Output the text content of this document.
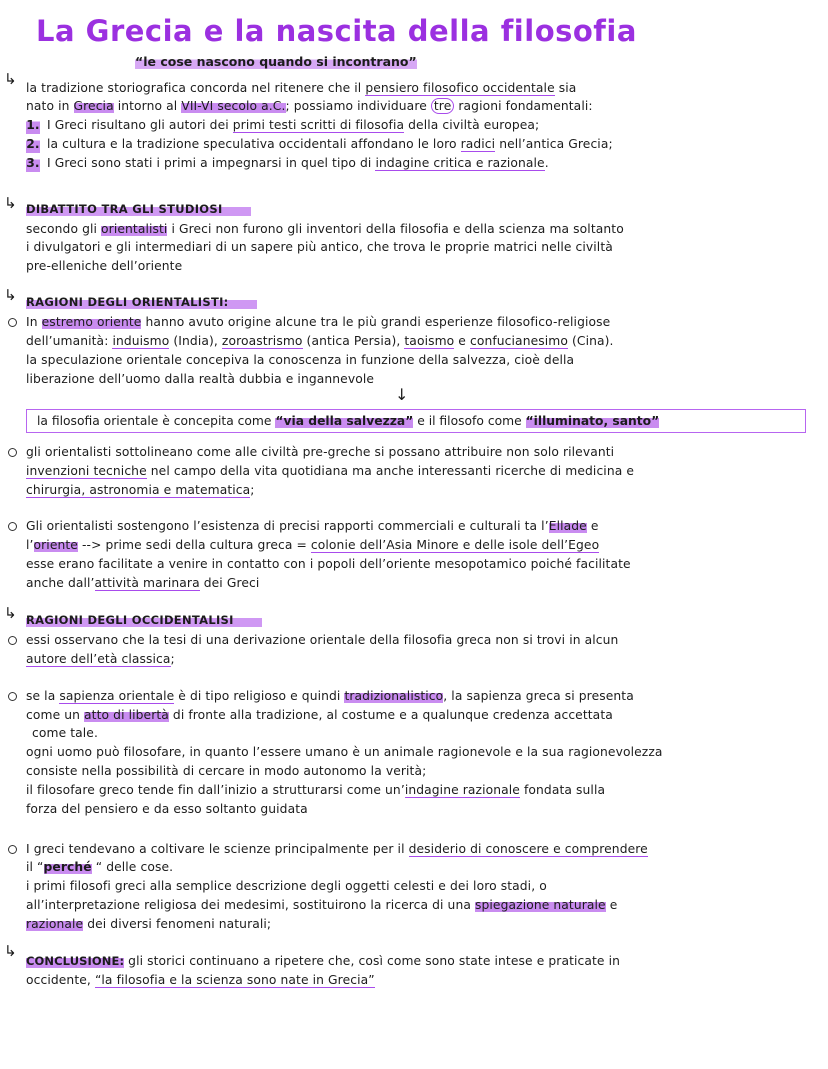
La Grecia e la nascita della filosofia
“le cose nascono quando si incontrano”
↳ la tradizione storiografica concorda nel ritenere che il pensiero filosofico occidentale sia
nato in Grecia intorno al VII-VI secolo a.C.; possiamo individuare tre ragioni fondamentali:
1. I Greci risultano gli autori dei primi testi scritti di filosofia della civiltà europea;
2. la cultura e la tradizione speculativa occidentali affondano le loro radici nell’antica Grecia;
3. I Greci sono stati i primi a impegnarsi in quel tipo di indagine critica e razionale.
↳ DIBATTITO TRA GLI STUDIOSI
secondo gli orientalisti i Greci non furono gli inventori della filosofia e della scienza ma soltanto
i divulgatori e gli intermediari di un sapere più antico, che trova le proprie matrici nelle civiltà
pre-elleniche dell’oriente
↳ RAGIONI DEGLI ORIENTALISTI:
In estremo oriente hanno avuto origine alcune tra le più grandi esperienze filosofico-religiose
dell’umanità: induismo (India), zoroastrismo (antica Persia), taoismo e confucianesimo (Cina).
la speculazione orientale concepiva la conoscenza in funzione della salvezza, cioè della
liberazione dell’uomo dalla realtà dubbia e ingannevole
↓
la filosofia orientale è concepita come “via della salvezza” e il filosofo come “illuminato, santo”
gli orientalisti sottolineano come alle civiltà pre-greche si possano attribuire non solo rilevanti
invenzioni tecniche nel campo della vita quotidiana ma anche interessanti ricerche di medicina e
chirurgia, astronomia e matematica;
Gli orientalisti sostengono l’esistenza di precisi rapporti commerciali e culturali ta l’Ellade e
l’oriente --> prime sedi della cultura greca = colonie dell’Asia Minore e delle isole dell’Egeo
esse erano facilitate a venire in contatto con i popoli dell’oriente mesopotamico poiché facilitate
anche dall’attività marinara dei Greci
↳ RAGIONI DEGLI OCCIDENTALISI
essi osservano che la tesi di una derivazione orientale della filosofia greca non si trovi in alcun
autore dell’età classica;
se la sapienza orientale è di tipo religioso e quindi tradizionalistico, la sapienza greca si presenta
come un atto di libertà di fronte alla tradizione, al costume e a qualunque credenza accettata
come tale.
ogni uomo può filosofare, in quanto l’essere umano è un animale ragionevole e la sua ragionevolezza
consiste nella possibilità di cercare in modo autonomo la verità;
il filosofare greco tende fin dall’inizio a strutturarsi come un’indagine razionale fondata sulla
forza del pensiero e da esso soltanto guidata
I greci tendevano a coltivare le scienze principalmente per il desiderio di conoscere e comprendere
il “perché “ delle cose.
i primi filosofi greci alla semplice descrizione degli oggetti celesti e dei loro stadi, o
all’interpretazione religiosa dei medesimi, sostituirono la ricerca di una spiegazione naturale e
razionale dei diversi fenomeni naturali;
↳
CONCLUSIONE: gli storici continuano a ripetere che, così come sono state intese e praticate in
occidente, “la filosofia e la scienza sono nate in Grecia”
